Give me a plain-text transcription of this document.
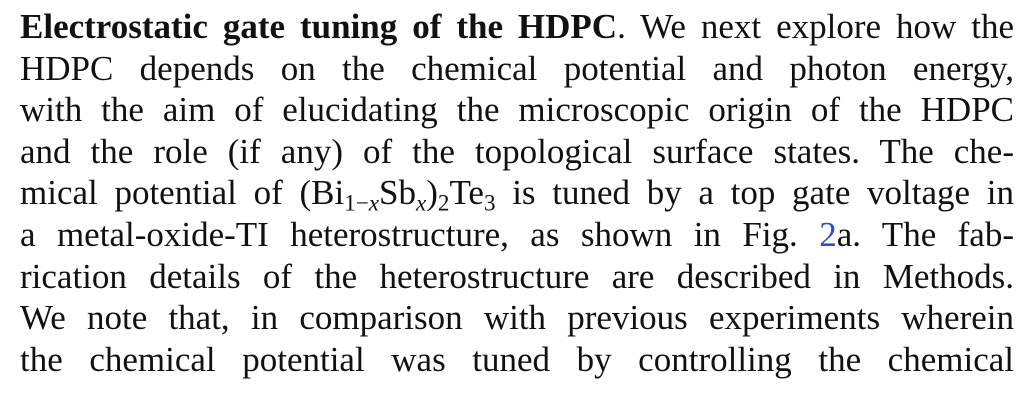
Electrostatic gate tuning of the HDPC. We next explore how the
HDPC depends on the chemical potential and photon energy,
with the aim of elucidating the microscopic origin of the HDPC
and the role (if any) of the topological surface states. The che-
mical potential of $(Bi_{1-x}Sb_x)_2Te_3$ is tuned by a top gate voltage in
a metal-oxide-TI heterostructure, as shown in Fig. 2a. The fab-
rication details of the heterostructure are described in Methods.
We note that, in comparison with previous experiments wherein
the chemical potential was tuned by controlling the chemical
